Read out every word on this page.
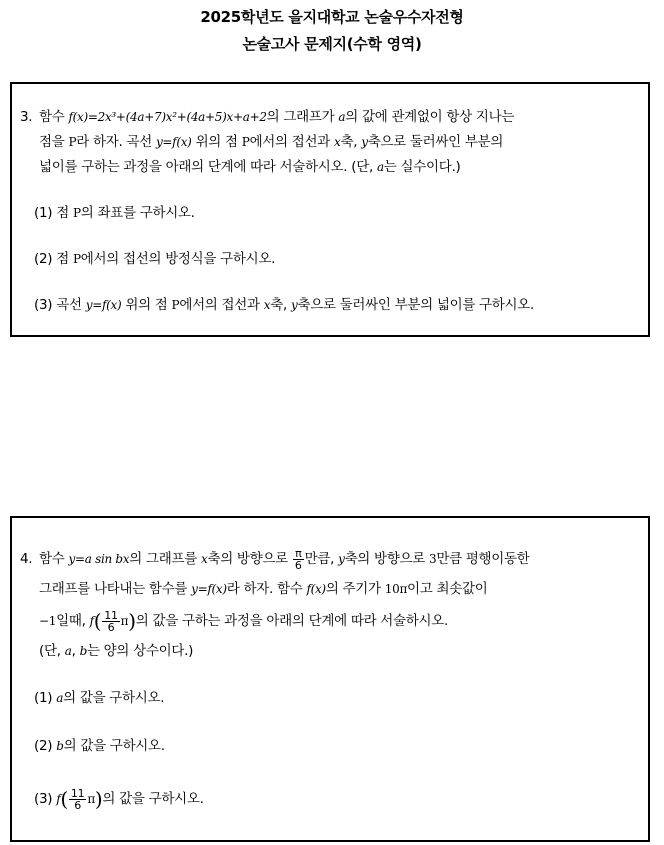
2025학년도 을지대학교 논술우수자전형
논술고사 문제지(수학 영역)
3. 함수 f(x)=2x³+(4a+7)x²+(4a+5)x+a+2의 그래프가 a의 값에 관계없이 항상 지나는
점을 P라 하자. 곡선 y=f(x) 위의 점 P에서의 접선과 x축, y축으로 둘러싸인 부분의
넓이를 구하는 과정을 아래의 단계에 따라 서술하시오. (단, a는 실수이다.)
(1) 점 P의 좌표를 구하시오.
(2) 점 P에서의 접선의 방정식을 구하시오.
(3) 곡선 y=f(x) 위의 점 P에서의 접선과 x축, y축으로 둘러싸인 부분의 넓이를 구하시오.
4. 함수 y=a sin bx의 그래프를 x축의 방향으로 $\frac{\pi}{6}$ 만큼, y축의 방향으로 3만큼 평행이동한
그래프를 나타내는 함수를 y=f(x)라 하자. 함수 f(x)의 주기가 10π이고 최솟값이
−1일때, $f( \frac{11}{6} \pi)$의 값을 구하는 과정을 아래의 단계에 따라 서술하시오.
(단, a, b는 양의 상수이다.)
(1) a의 값을 구하시오.
(2) b의 값을 구하시오.
(3) $f( \frac{11}{6} \pi)$의 값을 구하시오.
